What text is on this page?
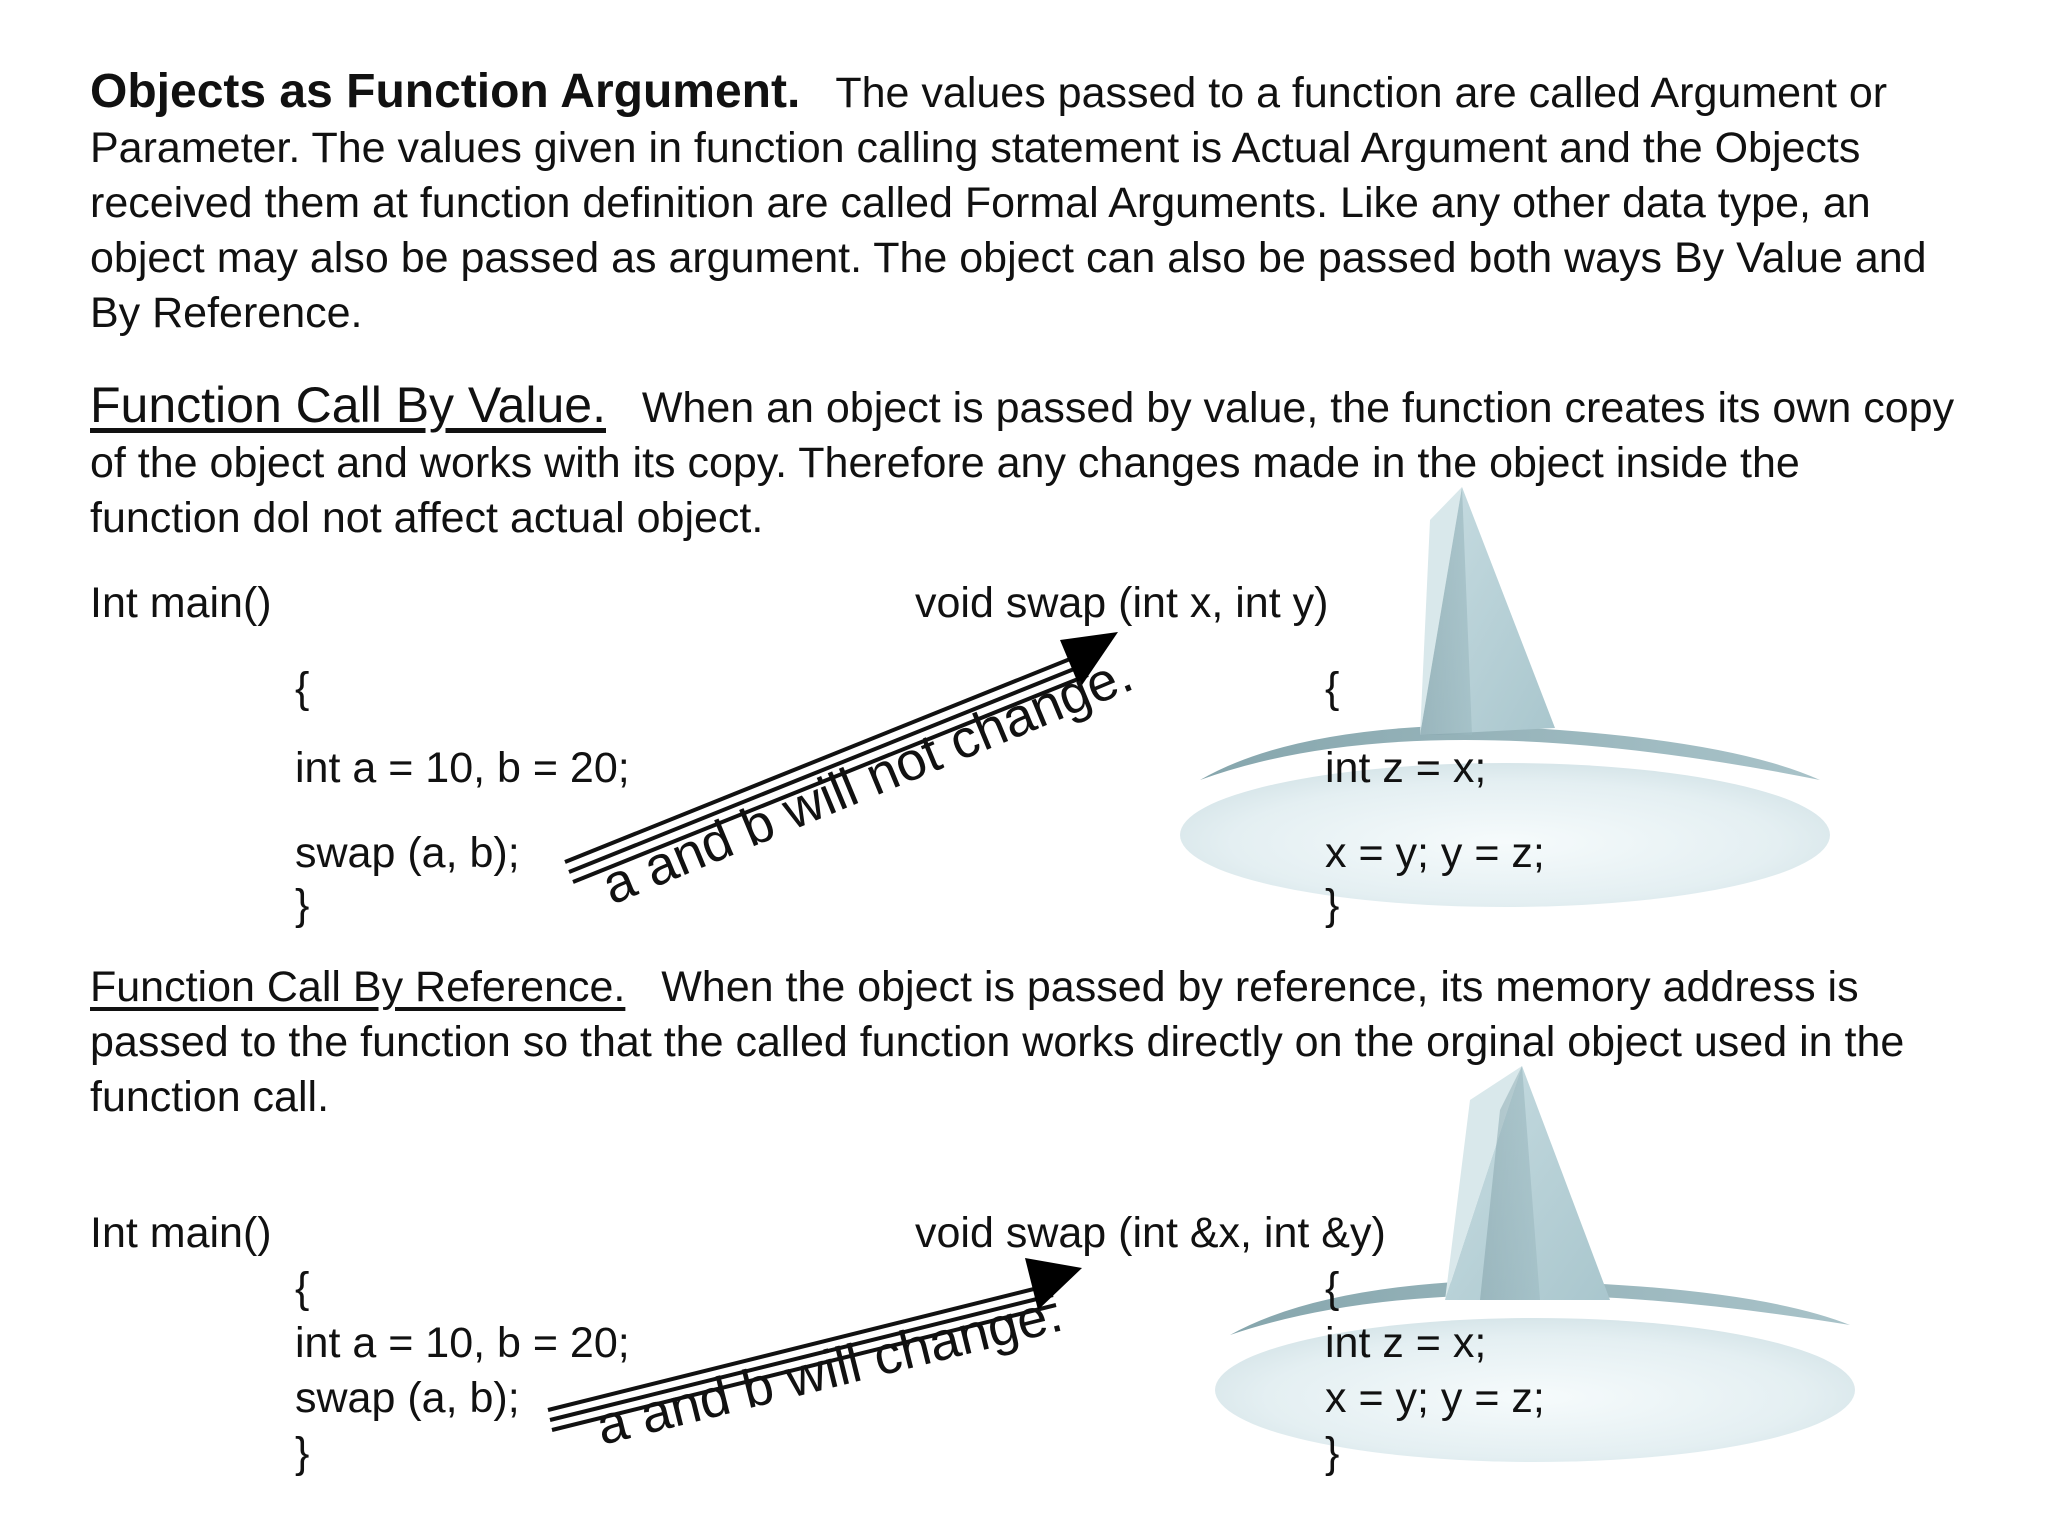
a and b will not change.
a and b will change.

Objects as Function Argument. The values passed to a function are called Argument or Parameter. The values given in function calling statement is Actual Argument and the Objects received them at function definition are called Formal Arguments. Like any other data type, an object may also be passed as argument. The object can also be passed both ways By Value and By Reference.

Function Call By Value. When an object is passed by value, the function creates its own copy of the object and works with its copy. Therefore any changes made in the object inside the function dol not affect actual object.

Int main()
{
int a = 10, b = 20;
swap (a, b);
}
void swap (int x, int y)
{
int z = x;
x = y; y = z;
}

Function Call By Reference. When the object is passed by reference, its memory address is passed to the function so that the called function works directly on the orginal object used in the function call.

Int main()
{
int a = 10, b = 20;
swap (a, b);
}
void swap (int &x, int &y)
{
int z = x;
x = y; y = z;
}
